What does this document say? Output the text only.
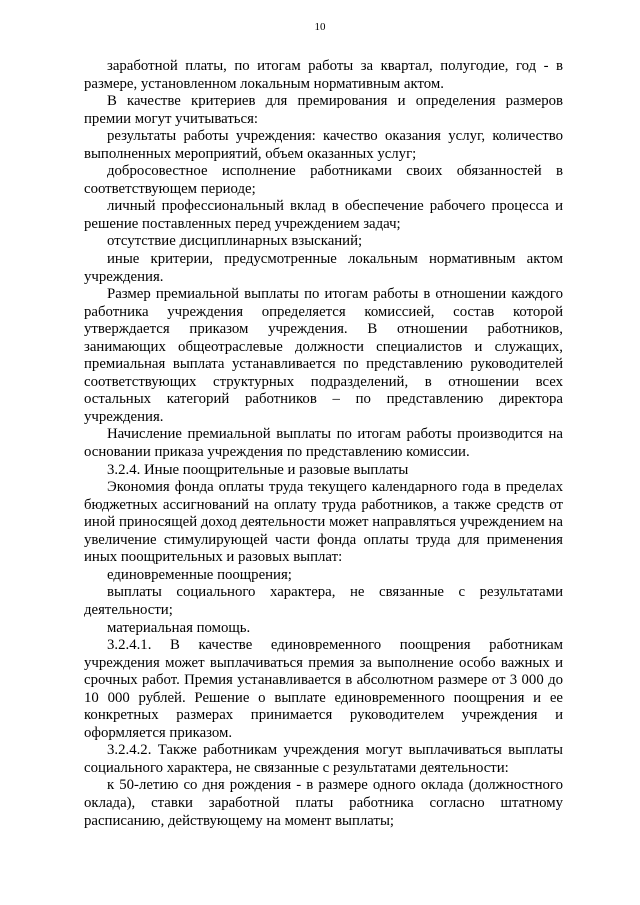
10

заработной платы, по итогам работы за квартал, полугодие, год - в размере, установленном локальным нормативным актом.

В качестве критериев для премирования и определения размеров премии могут учитываться:

результаты работы учреждения: качество оказания услуг, количество выполненных мероприятий, объем оказанных услуг;

добросовестное исполнение работниками своих обязанностей в соответствующем периоде;

личный профессиональный вклад в обеспечение рабочего процесса и решение поставленных перед учреждением задач;

отсутствие дисциплинарных взысканий;

иные критерии, предусмотренные локальным нормативным актом учреждения.

Размер премиальной выплаты по итогам работы в отношении каждого работника учреждения определяется комиссией, состав которой утверждается приказом учреждения. В отношении работников, занимающих общеотраслевые должности специалистов и служащих, премиальная выплата устанавливается по представлению руководителей соответствующих структурных подразделений, в отношении всех остальных категорий работников – по представлению директора учреждения.

Начисление премиальной выплаты по итогам работы производится на основании приказа учреждения по представлению комиссии.

3.2.4. Иные поощрительные и разовые выплаты

Экономия фонда оплаты труда текущего календарного года в пределах бюджетных ассигнований на оплату труда работников, а также средств от иной приносящей доход деятельности может направляться учреждением на увеличение стимулирующей части фонда оплаты труда для применения иных поощрительных и разовых выплат:

единовременные поощрения;

выплаты социального характера, не связанные с результатами деятельности;

материальная помощь.

3.2.4.1. В качестве единовременного поощрения работникам учреждения может выплачиваться премия за выполнение особо важных и срочных работ. Премия устанавливается в абсолютном размере от 3 000 до 10 000 рублей. Решение о выплате единовременного поощрения и ее конкретных размерах принимается руководителем учреждения и оформляется приказом.

3.2.4.2. Также работникам учреждения могут выплачиваться выплаты социального характера, не связанные с результатами деятельности:

к 50-летию со дня рождения - в размере одного оклада (должностного оклада), ставки заработной платы работника согласно штатному расписанию, действующему на момент выплаты;
